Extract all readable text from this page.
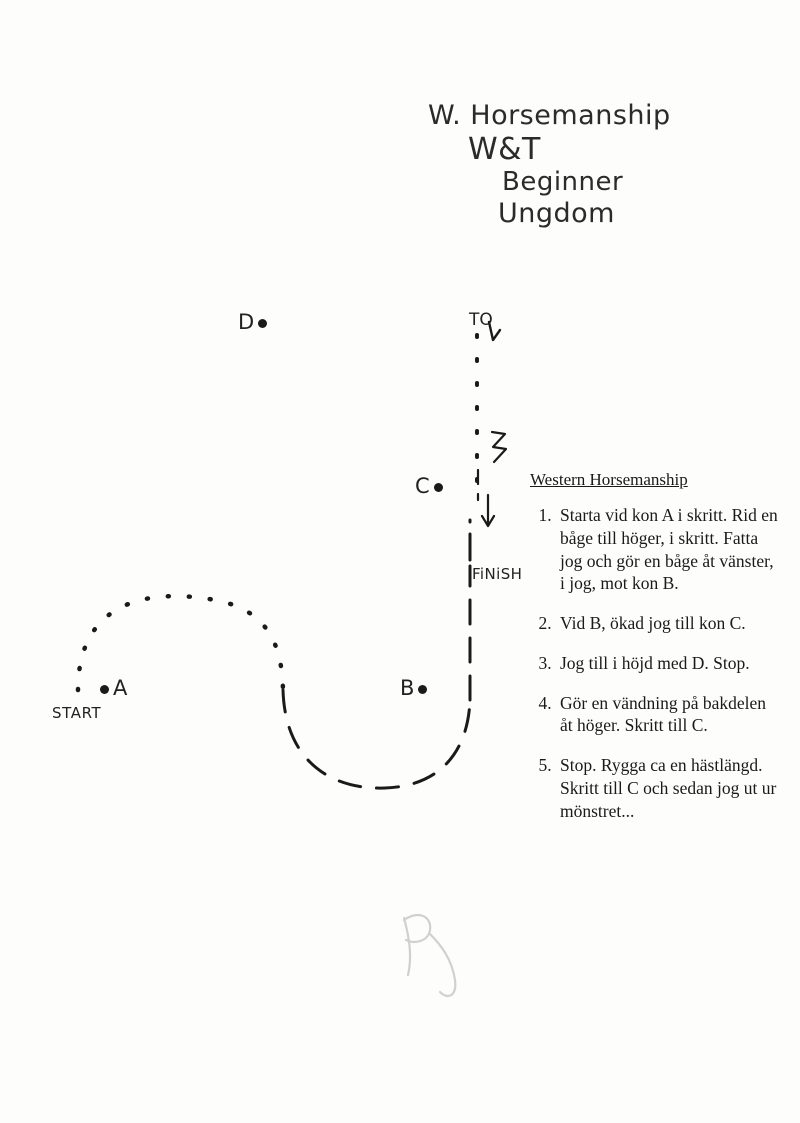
W. Horsemanship
W&T
Beginner
Ungdom
A	B
C
D
START
FiNiSH
TO
Western Horsemanship
1. Starta vid kon A i skritt. Rid en båge till höger, i skritt. Fatta jog och gör en båge åt vänster, i jog, mot kon B.
2. Vid B, ökad jog till kon C.
3. Jog till i höjd med D. Stop.
4. Gör en vändning på bakdelen åt höger. Skritt till C.
5. Stop. Rygga ca en hästlängd. Skritt till C och sedan jog ut ur mönstret...
